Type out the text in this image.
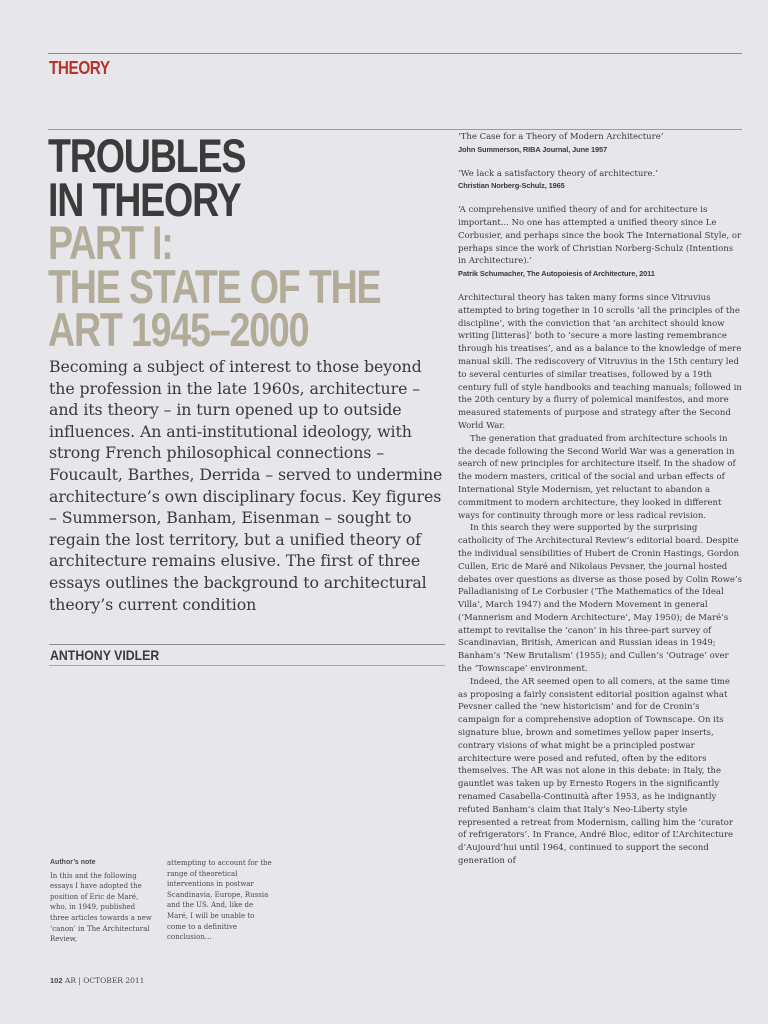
THEORY
TROUBLES
IN THEORY
PART I:
THE STATE OF THE
ART 1945–2000
Becoming a subject of interest to those beyond the profession in the late 1960s, architecture – and its theory – in turn opened up to outside influences. An anti-institutional ideology, with strong French philosophical connections – Foucault, Barthes, Derrida – served to undermine architecture’s own disciplinary focus. Key figures – Summerson, Banham, Eisenman – sought to regain the lost territory, but a unified theory of architecture remains elusive. The first of three essays outlines the background to architectural theory’s current condition
ANTHONY VIDLER
Author’s note
In this and the following essays I have adopted the position of Eric de Maré, who, in 1949, published three articles towards a new ‘canon’ in The Architectural Review,
attempting to account for the range of theoretical interventions in postwar Scandinavia, Europe, Russia and the US. And, like de Maré, I will be unable to come to a definitive conclusion...
102 AR | OCTOBER 2011
‘The Case for a Theory of Modern Architecture’
John Summerson, RIBA Journal, June 1957
‘We lack a satisfactory theory of architecture.’
Christian Norberg-Schulz, 1965
‘A comprehensive unified theory of and for architecture is important... No one has attempted a unified theory since Le Corbusier, and perhaps since the book The International Style, or perhaps since the work of Christian Norberg-Schulz (Intentions in Architecture).’
Patrik Schumacher, The Autopoiesis of Architecture, 2011

Architectural theory has taken many forms since Vitruvius attempted to bring together in 10 scrolls ‘all the principles of the discipline’, with the conviction that ‘an architect should know writing [litteras]’ both to ‘secure a more lasting remembrance through his treatises’, and as a balance to the knowledge of mere manual skill. The rediscovery of Vitruvius in the 15th century led to several centuries of similar treatises, followed by a 19th century full of style handbooks and teaching manuals; followed in the 20th century by a flurry of polemical manifestos, and more measured statements of purpose and strategy after the Second World War.

The generation that graduated from architecture schools in the decade following the Second World War was a generation in search of new principles for architecture itself. In the shadow of the modern masters, critical of the social and urban effects of International Style Modernism, yet reluctant to abandon a commitment to modern architecture, they looked in different ways for continuity through more or less radical revision.

In this search they were supported by the surprising catholicity of The Architectural Review’s editorial board. Despite the individual sensibilities of Hubert de Cronin Hastings, Gordon Cullen, Eric de Maré and Nikolaus Pevsner, the journal hosted debates over questions as diverse as those posed by Colin Rowe’s Palladianising of Le Corbusier (‘The Mathematics of the Ideal Villa’, March 1947) and the Modern Movement in general (‘Mannerism and Modern Architecture’, May 1950); de Maré’s attempt to revitalise the ‘canon’ in his three-part survey of Scandinavian, British, American and Russian ideas in 1949; Banham’s ‘New Brutalism’ (1955); and Cullen’s ‘Outrage’ over the ‘Townscape’ environment.

Indeed, the AR seemed open to all comers, at the same time as proposing a fairly consistent editorial position against what Pevsner called the ‘new historicism’ and for de Cronin’s campaign for a comprehensive adoption of Townscape. On its signature blue, brown and sometimes yellow paper inserts, contrary visions of what might be a principled postwar architecture were posed and refuted, often by the editors themselves. The AR was not alone in this debate: in Italy, the gauntlet was taken up by Ernesto Rogers in the significantly renamed Casabella-Continuità after 1953, as he indignantly refuted Banham’s claim that Italy’s Neo-Liberty style represented a retreat from Modernism, calling him the ‘curator of refrigerators’. In France, André Bloc, editor of L’Architecture d’Aujourd’hui until 1964, continued to support the second generation of
